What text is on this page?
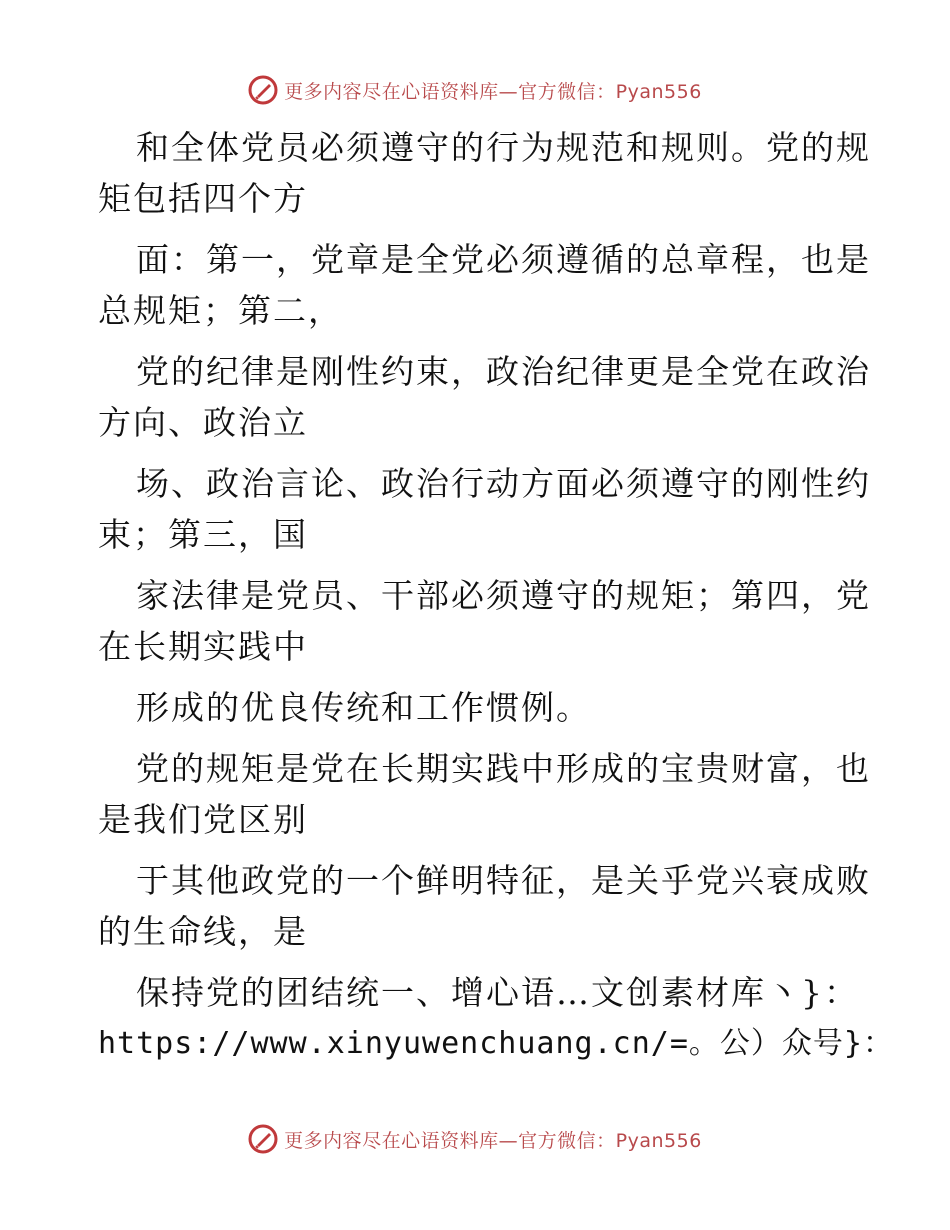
更多内容尽在心语资料库—官方微信：Pyan556

和全体党员必须遵守的行为规范和规则。党的规
矩包括四个方

面：第一，党章是全党必须遵循的总章程，也是
总规矩；第二，

党的纪律是刚性约束，政治纪律更是全党在政治
方向、政治立

场、政治言论、政治行动方面必须遵守的刚性约
束；第三，国

家法律是党员、干部必须遵守的规矩；第四，党
在长期实践中

形成的优良传统和工作惯例。

党的规矩是党在长期实践中形成的宝贵财富，也
是我们党区别

于其他政党的一个鲜明特征，是关乎党兴衰成败
的生命线，是

保持党的团结统一、增心语…文创素材库丶}：

https://www.xinyuwenchuang.cn/=。公）众号}：

更多内容尽在心语资料库—官方微信：Pyan556
